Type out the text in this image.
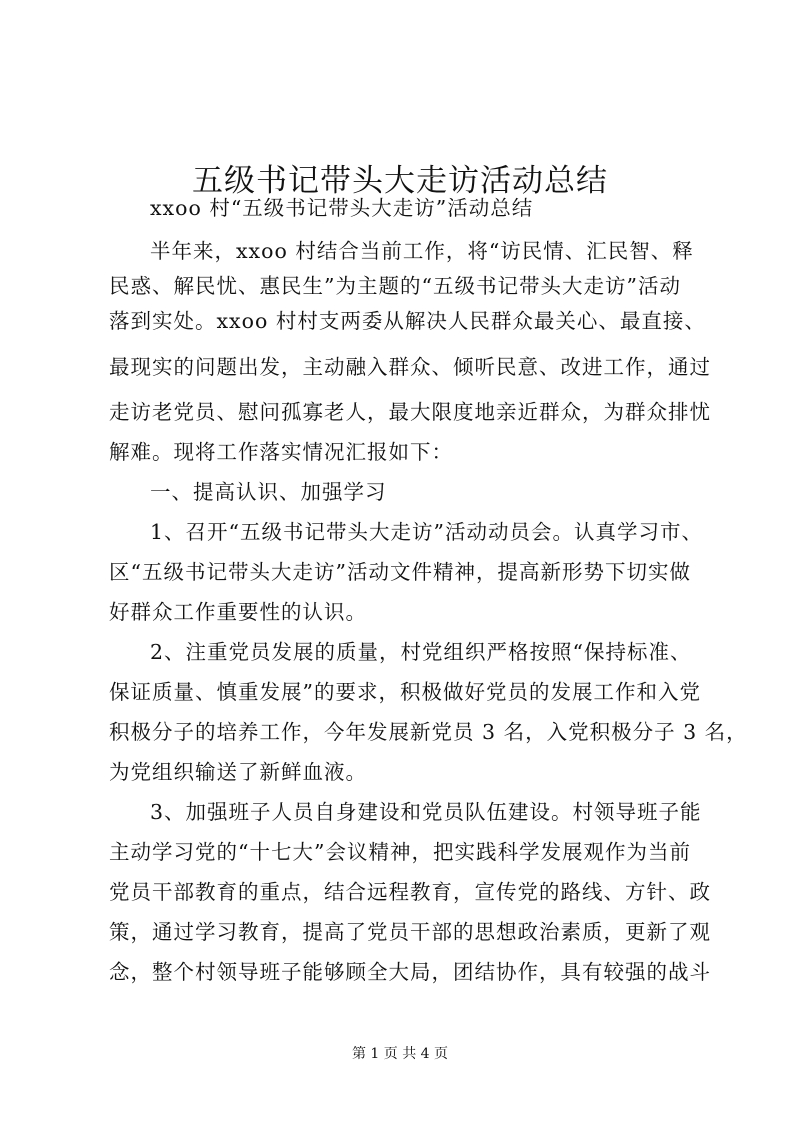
五级书记带头大走访活动总结
xxoo 村“五级书记带头大走访”活动总结
半年来，xxoo 村结合当前工作，将“访民情、汇民智、释
民惑、解民忧、惠民生”为主题的“五级书记带头大走访”活动
落到实处。xxoo 村村支两委从解决人民群众最关心、最直接、
最现实的问题出发，主动融入群众、倾听民意、改进工作，通过
走访老党员、慰问孤寡老人，最大限度地亲近群众，为群众排忧
解难。现将工作落实情况汇报如下：
一、提高认识、加强学习
1、召开“五级书记带头大走访”活动动员会。认真学习市、
区“五级书记带头大走访”活动文件精神，提高新形势下切实做
好群众工作重要性的认识。
2、注重党员发展的质量，村党组织严格按照“保持标准、
保证质量、慎重发展”的要求，积极做好党员的发展工作和入党
积极分子的培养工作，今年发展新党员 3 名，入党积极分子 3 名，
为党组织输送了新鲜血液。
3、加强班子人员自身建设和党员队伍建设。村领导班子能
主动学习党的“十七大”会议精神，把实践科学发展观作为当前
党员干部教育的重点，结合远程教育，宣传党的路线、方针、政
策，通过学习教育，提高了党员干部的思想政治素质，更新了观
念，整个村领导班子能够顾全大局，团结协作，具有较强的战斗
第 1 页 共 4 页
